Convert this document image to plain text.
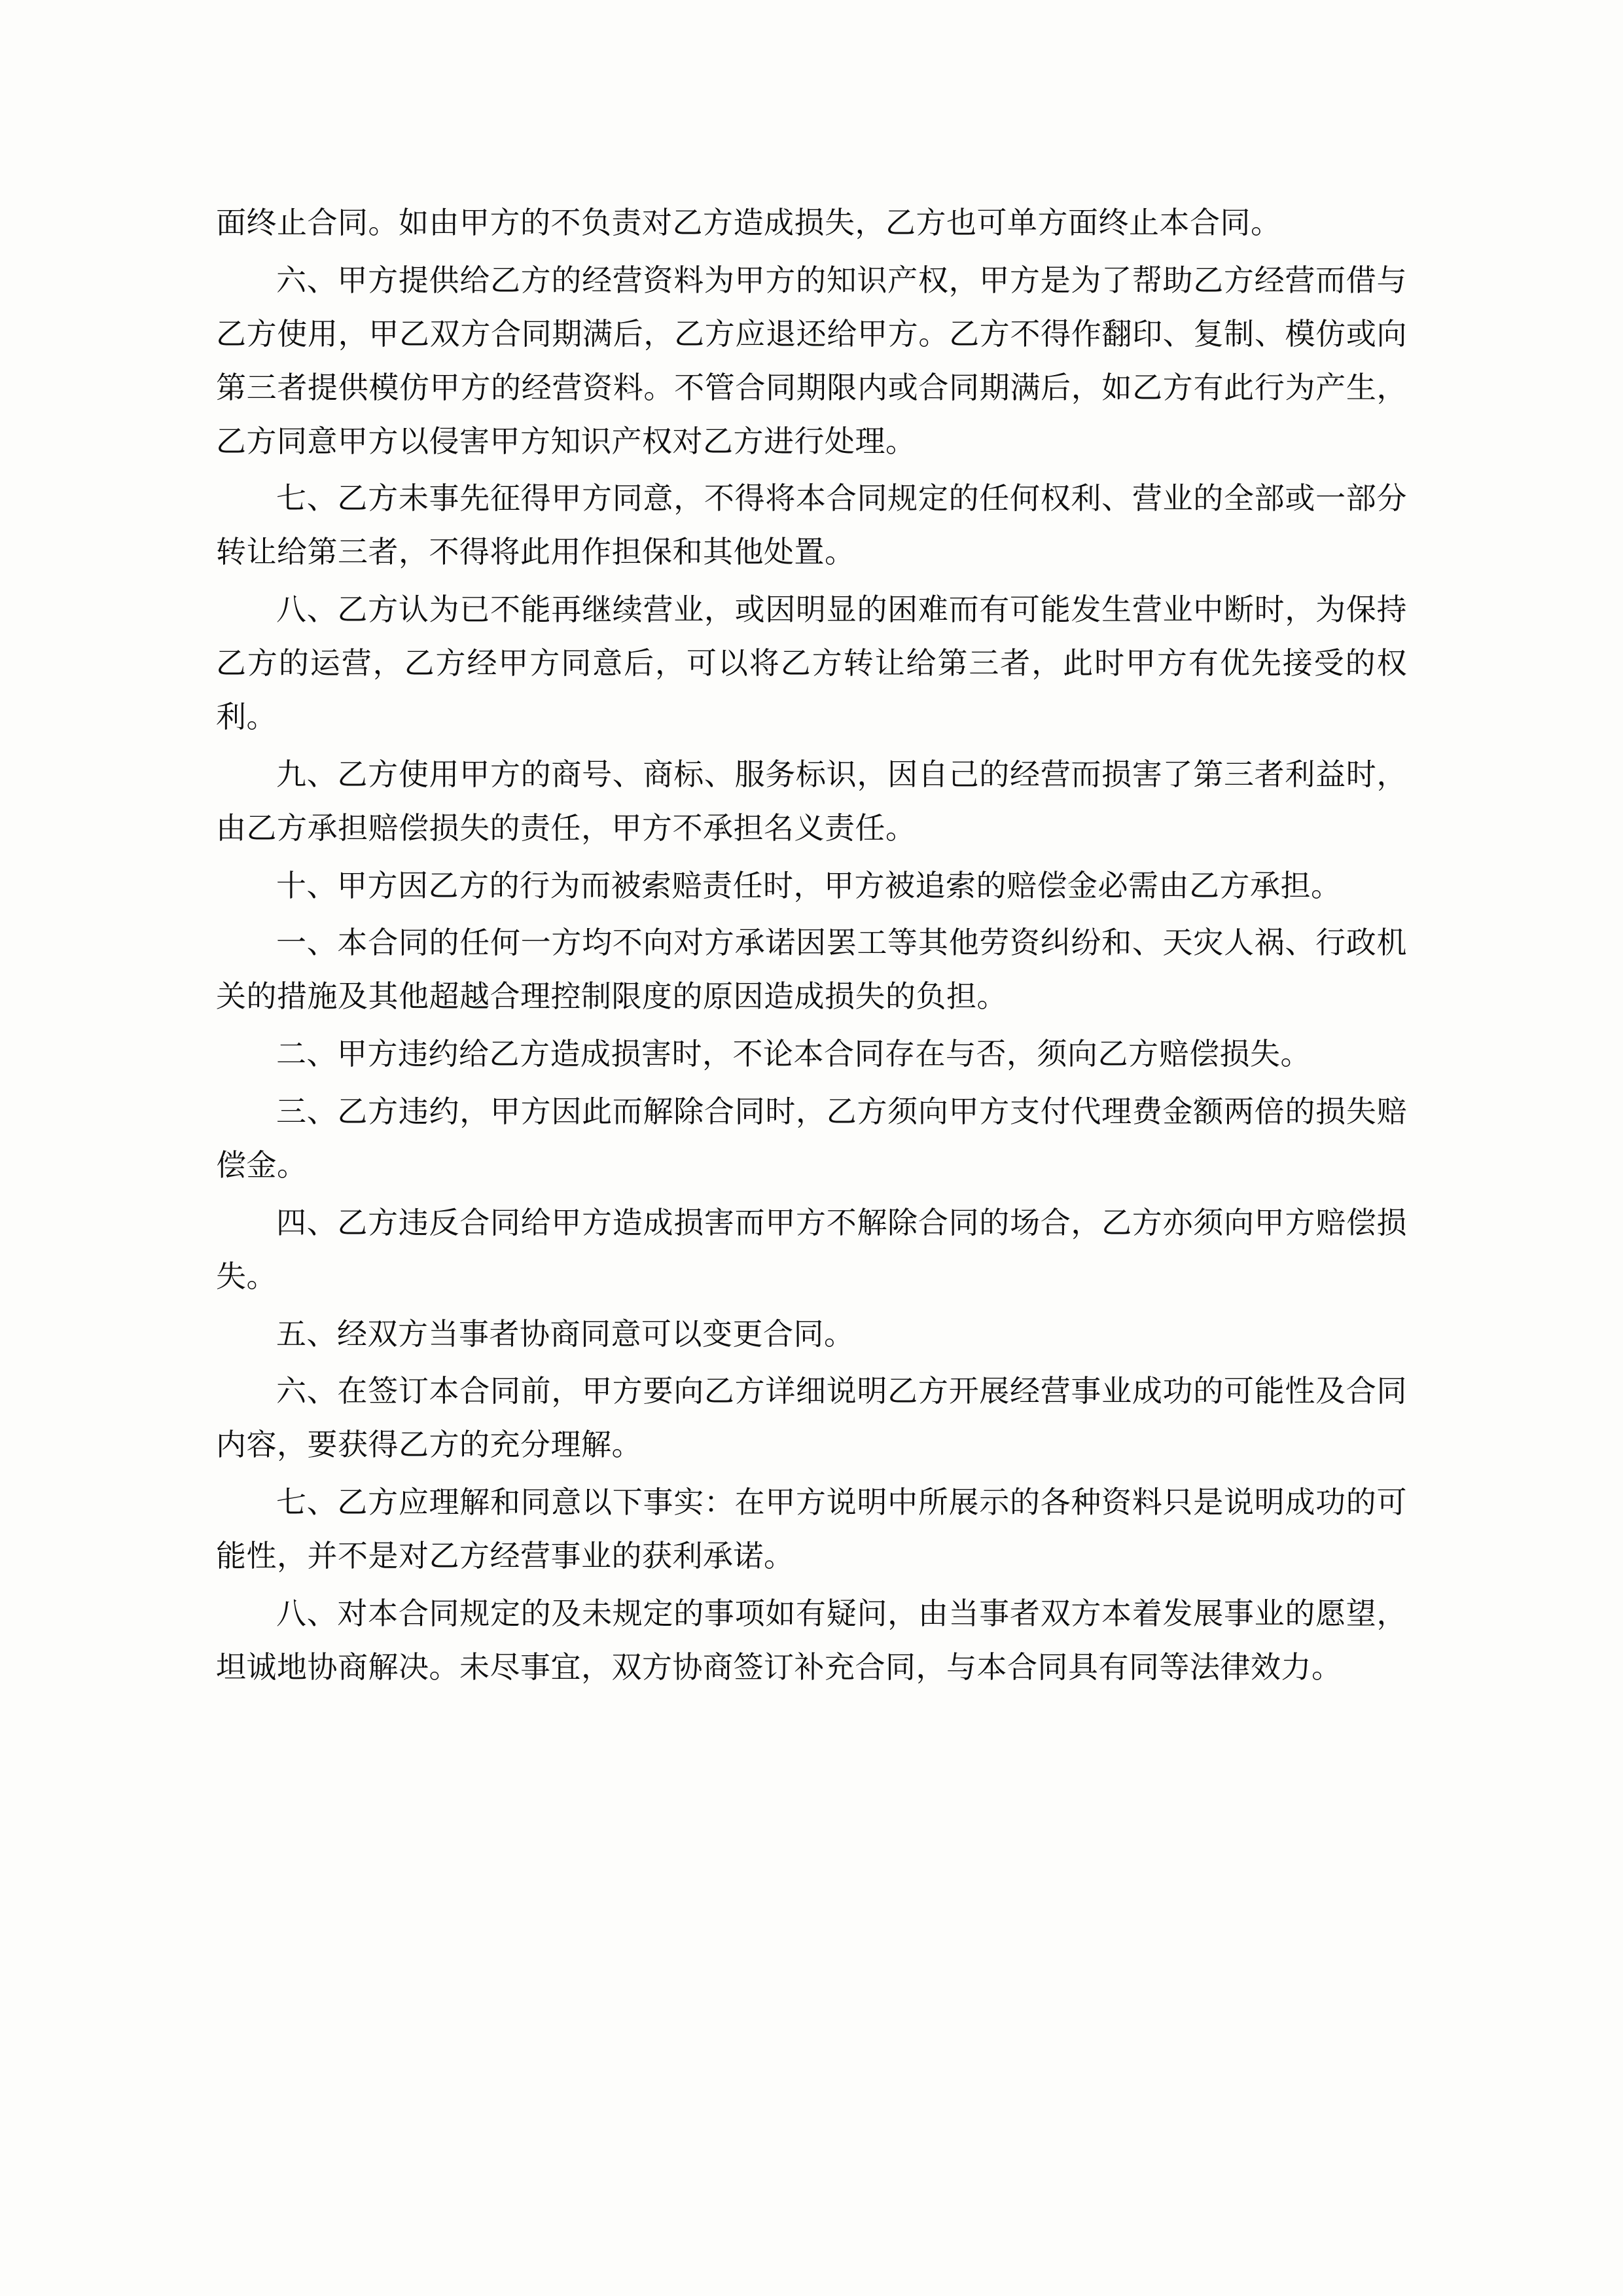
面终止合同。如由甲方的不负责对乙方造成损失，乙方也可单方面终止本合同。

六、甲方提供给乙方的经营资料为甲方的知识产权，甲方是为了帮助乙方经营而借与乙方使用，甲乙双方合同期满后，乙方应退还给甲方。乙方不得作翻印、复制、模仿或向第三者提供模仿甲方的经营资料。不管合同期限内或合同期满后，如乙方有此行为产生，乙方同意甲方以侵害甲方知识产权对乙方进行处理。

七、乙方未事先征得甲方同意，不得将本合同规定的任何权利、营业的全部或一部分转让给第三者，不得将此用作担保和其他处置。

八、乙方认为已不能再继续营业，或因明显的困难而有可能发生营业中断时，为保持乙方的运营，乙方经甲方同意后，可以将乙方转让给第三者，此时甲方有优先接受的权利。

九、乙方使用甲方的商号、商标、服务标识，因自己的经营而损害了第三者利益时，由乙方承担赔偿损失的责任，甲方不承担名义责任。

十、甲方因乙方的行为而被索赔责任时，甲方被追索的赔偿金必需由乙方承担。

一、本合同的任何一方均不向对方承诺因罢工等其他劳资纠纷和、天灾人祸、行政机关的措施及其他超越合理控制限度的原因造成损失的负担。

二、甲方违约给乙方造成损害时，不论本合同存在与否，须向乙方赔偿损失。

三、乙方违约，甲方因此而解除合同时，乙方须向甲方支付代理费金额两倍的损失赔偿金。

四、乙方违反合同给甲方造成损害而甲方不解除合同的场合，乙方亦须向甲方赔偿损失。

五、经双方当事者协商同意可以变更合同。

六、在签订本合同前，甲方要向乙方详细说明乙方开展经营事业成功的可能性及合同内容，要获得乙方的充分理解。

七、乙方应理解和同意以下事实：在甲方说明中所展示的各种资料只是说明成功的可能性，并不是对乙方经营事业的获利承诺。

八、对本合同规定的及未规定的事项如有疑问，由当事者双方本着发展事业的愿望，坦诚地协商解决。未尽事宜，双方协商签订补充合同，与本合同具有同等法律效力。
